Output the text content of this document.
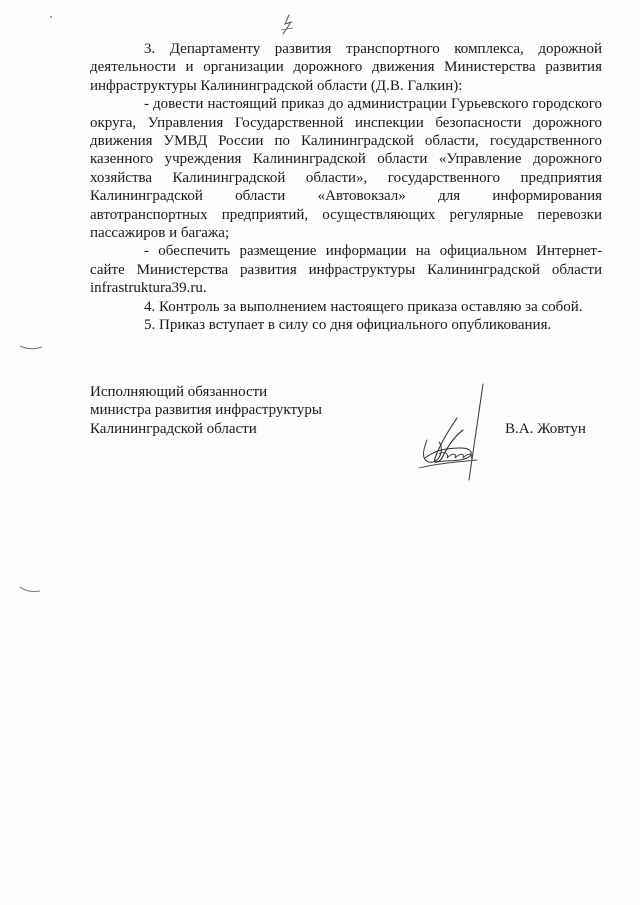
3. Департаменту развития транспортного комплекса, дорожной деятельности и организации дорожного движения Министерства развития инфраструктуры Калининградской области (Д.В. Галкин):

- довести настоящий приказ до администрации Гурьевского городского округа, Управления Государственной инспекции безопасности дорожного движения УМВД России по Калининградской области, государственного казенного учреждения Калининградской области «Управление дорожного хозяйства Калининградской области», государственного предприятия Калининградской области «Автовокзал» для информирования автотранспортных предприятий, осуществляющих регулярные перевозки пассажиров и багажа;

- обеспечить размещение информации на официальном Интернет-сайте Министерства развития инфраструктуры Калининградской области infrastruktura39.ru.

4. Контроль за выполнением настоящего приказа оставляю за собой.

5. Приказ вступает в силу со дня официального опубликования.

Исполняющий обязанности
министра развития инфраструктуры
Калининградской области	В.А. Жовтун
